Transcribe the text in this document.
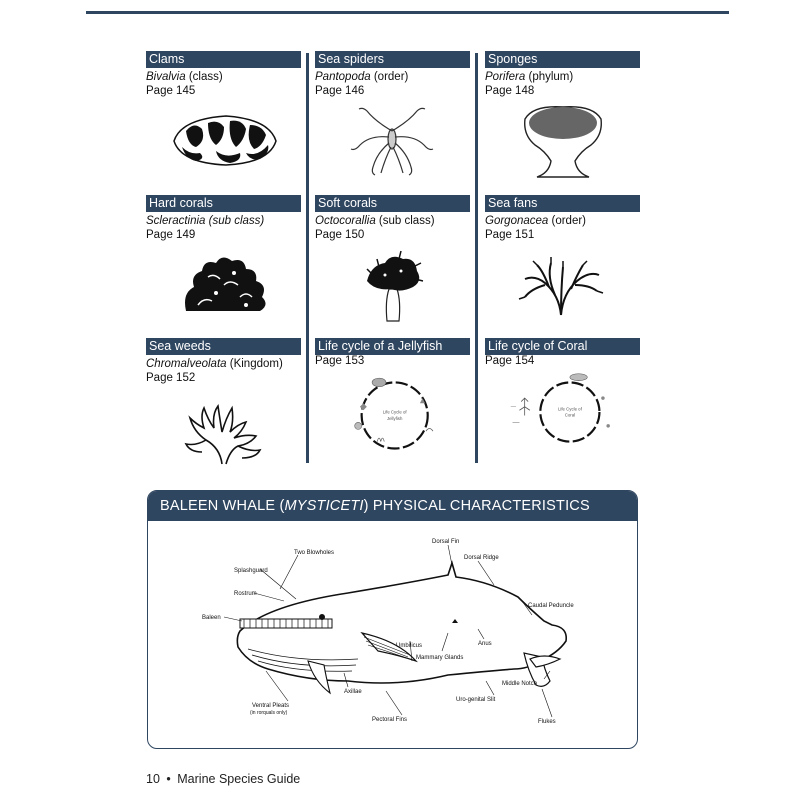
Clams
Bivalvia (class)
Page 145
Sea spiders
Pantopoda (order)
Page 146
Sponges
Porifera (phylum)
Page 148
Hard corals
Scleractinia (sub class)
Page 149
Soft corals
Octocorallia (sub class)
Page 150
Sea fans
Gorgonacea (order)
Page 151
Sea weeds
Chromalveolata (Kingdom)
Page 152
Life cycle of a Jellyfish
Page 153
Life Cycle of
Jellyfish
Life cycle of Coral
Page 154
Life Cycle of
Coral
BALEEN WHALE (MYSTICETI) PHYSICAL CHARACTERISTICS
Two Blowholes
Splashguard
Rostrum
Baleen
Dorsal Fin
Dorsal Ridge
Caudal Peduncle
Umbilicus
Mammary Glands
Anus
Axillae
Middle Notch
Uro-genital Slit
Ventral Pleats
(in rorquals only)
Pectoral Fins	Flukes
10 • Marine Species Guide
